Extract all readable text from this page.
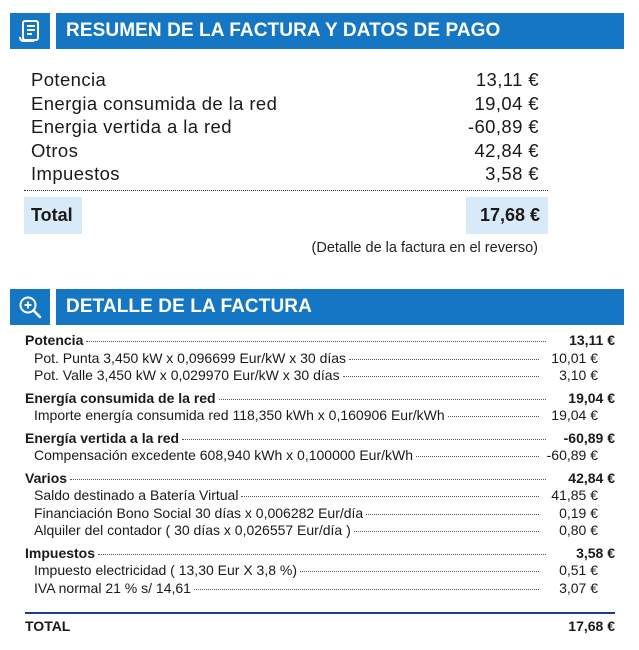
RESUMEN DE LA FACTURA Y DATOS DE PAGO
Potencia	13,11 €
Energia consumida de la red	19,04 €
Energia vertida a la red	-60,89 €
Otros	42,84 €
Impuestos	3,58 €
Total	17,68 €
(Detalle de la factura en el reverso)
DETALLE DE LA FACTURA
Potencia	13,11 €
Pot. Punta 3,450 kW x 0,096699 Eur/kW x 30 días	10,01 €
Pot. Valle 3,450 kW x 0,029970 Eur/kW x 30 días	3,10 €
Energía consumida de la red	19,04 €
Importe energía consumida red 118,350 kWh x 0,160906 Eur/kWh	19,04 €
Energía vertida a la red	-60,89 €
Compensación excedente 608,940 kWh x 0,100000 Eur/kWh	-60,89 €
Varios	42,84 €
Saldo destinado a Batería Virtual	41,85 €
Financiación Bono Social 30 días x 0,006282 Eur/día	0,19 €
Alquiler del contador ( 30 días x 0,026557 Eur/día )	0,80 €
Impuestos	3,58 €
Impuesto electricidad ( 13,30 Eur X 3,8 %)	0,51 €
IVA normal 21 % s/ 14,61	3,07 €
TOTAL	17,68 €
